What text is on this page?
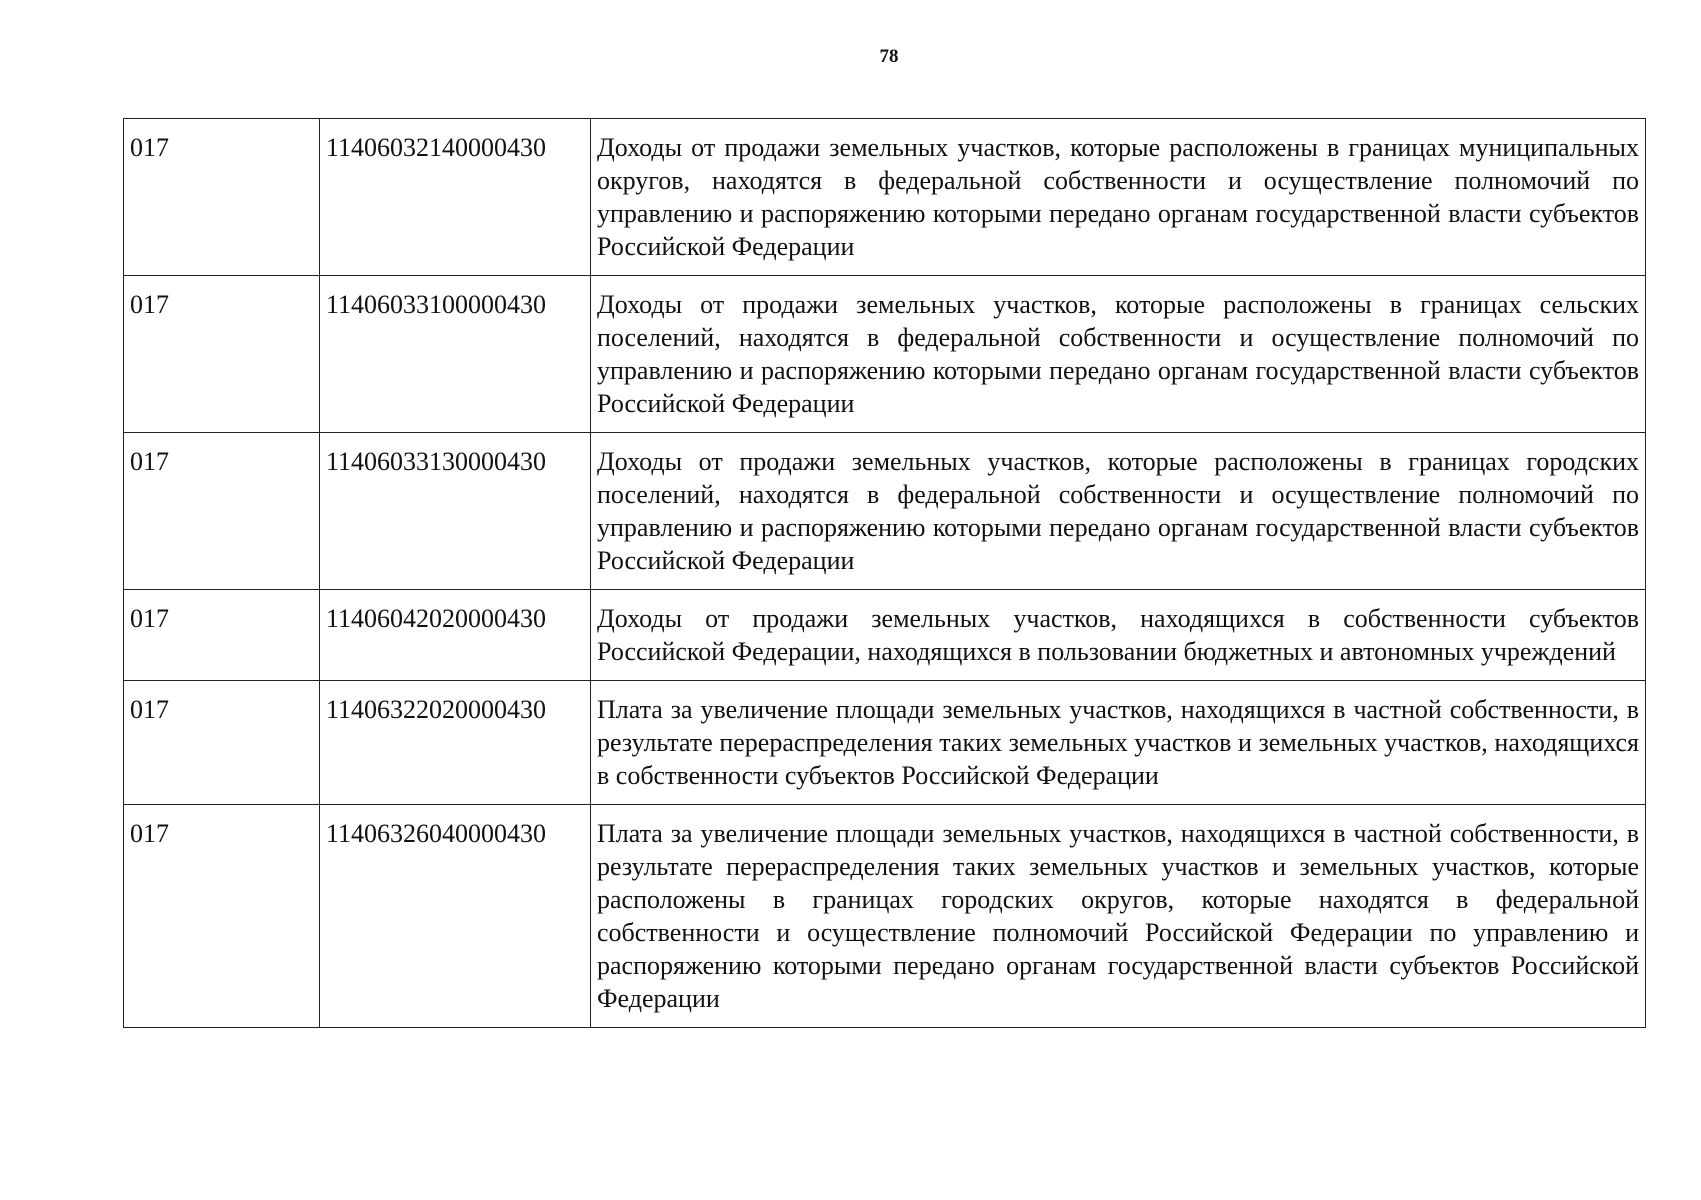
78
017	11406032140000430	Доходы от продажи земельных участков, которые расположены в границах муниципальных округов, находятся в федеральной собственности и осуществление полномочий по управлению и распоряжению которыми передано органам государственной власти субъектов Российской Федерации
017	11406033100000430	Доходы от продажи земельных участков, которые расположены в границах сельских поселений, находятся в федеральной собственности и осуществление полномочий по управлению и распоряжению которыми передано органам государственной власти субъектов Российской Федерации
017	11406033130000430	Доходы от продажи земельных участков, которые расположены в границах городских поселений, находятся в федеральной собственности и осуществление полномочий по управлению и распоряжению которыми передано органам государственной власти субъектов Российской Федерации
017	11406042020000430	Доходы от продажи земельных участков, находящихся в собственности субъектов Российской Федерации, находящихся в пользовании бюджетных и автономных учреждений
017	11406322020000430	Плата за увеличение площади земельных участков, находящихся в частной собственности, в результате перераспределения таких земельных участков и земельных участков, находящихся в собственности субъектов Российской Федерации
017	11406326040000430	Плата за увеличение площади земельных участков, находящихся в частной собственности, в результате перераспределения таких земельных участков и земельных участков, которые расположены в границах городских округов, которые находятся в федеральной собственности и осуществление полномочий Российской Федерации по управлению и распоряжению которыми передано органам государственной власти субъектов Российской Федерации
